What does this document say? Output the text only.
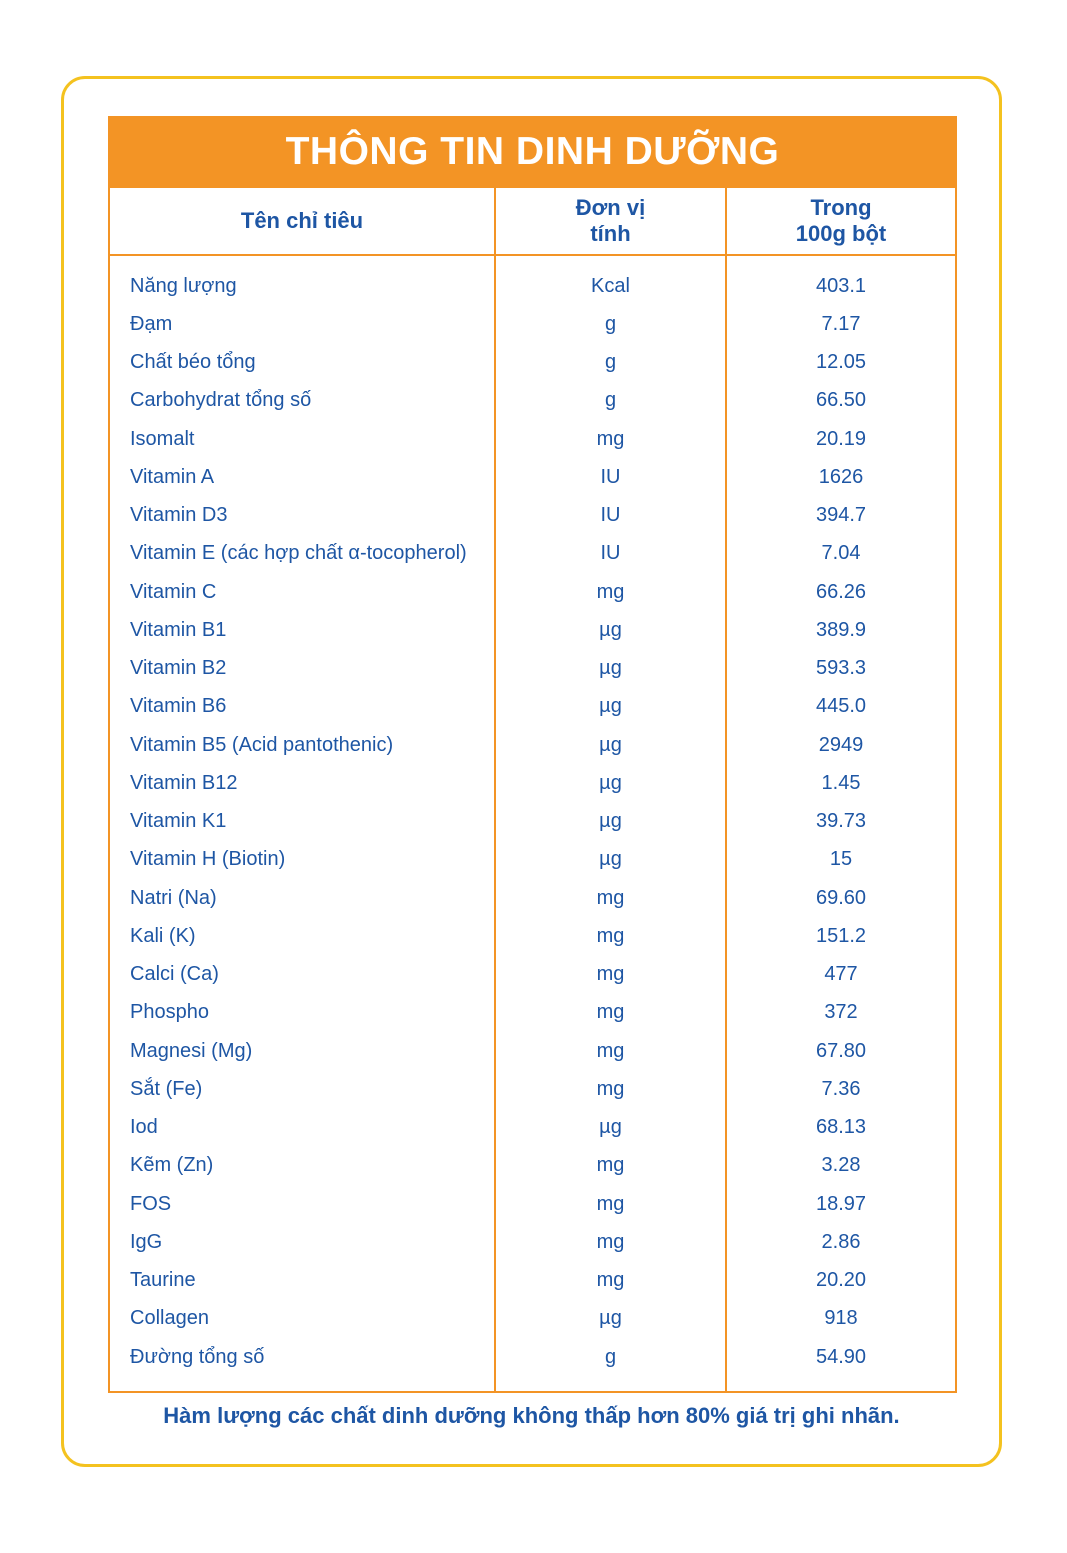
THÔNG TIN DINH DƯỠNG
Tên chỉ tiêu
Đơn vị
tính
Trong
100g bột
Năng lượng
Đạm
Chất béo tổng
Carbohydrat tổng số
Isomalt
Vitamin A
Vitamin D3
Vitamin E (các hợp chất α-tocopherol)
Vitamin C
Vitamin B1
Vitamin B2
Vitamin B6
Vitamin B5 (Acid pantothenic)
Vitamin B12
Vitamin K1
Vitamin H (Biotin)
Natri (Na)
Kali (K)
Calci (Ca)
Phospho
Magnesi (Mg)
Sắt (Fe)
Iod
Kẽm (Zn)
FOS
IgG
Taurine
Collagen
Đường tổng số
Kcal
g
g
g
mg
IU
IU
IU
mg
µg
µg
µg
µg
µg
µg
µg
mg
mg
mg
mg
mg
mg
µg
mg
mg
mg
mg
µg
g
403.1
7.17
12.05
66.50
20.19
1626
394.7
7.04
66.26
389.9
593.3
445.0
2949
1.45
39.73
15
69.60
151.2
477
372
67.80
7.36
68.13
3.28
18.97
2.86
20.20
918
54.90
Hàm lượng các chất dinh dưỡng không thấp hơn 80% giá trị ghi nhãn.
